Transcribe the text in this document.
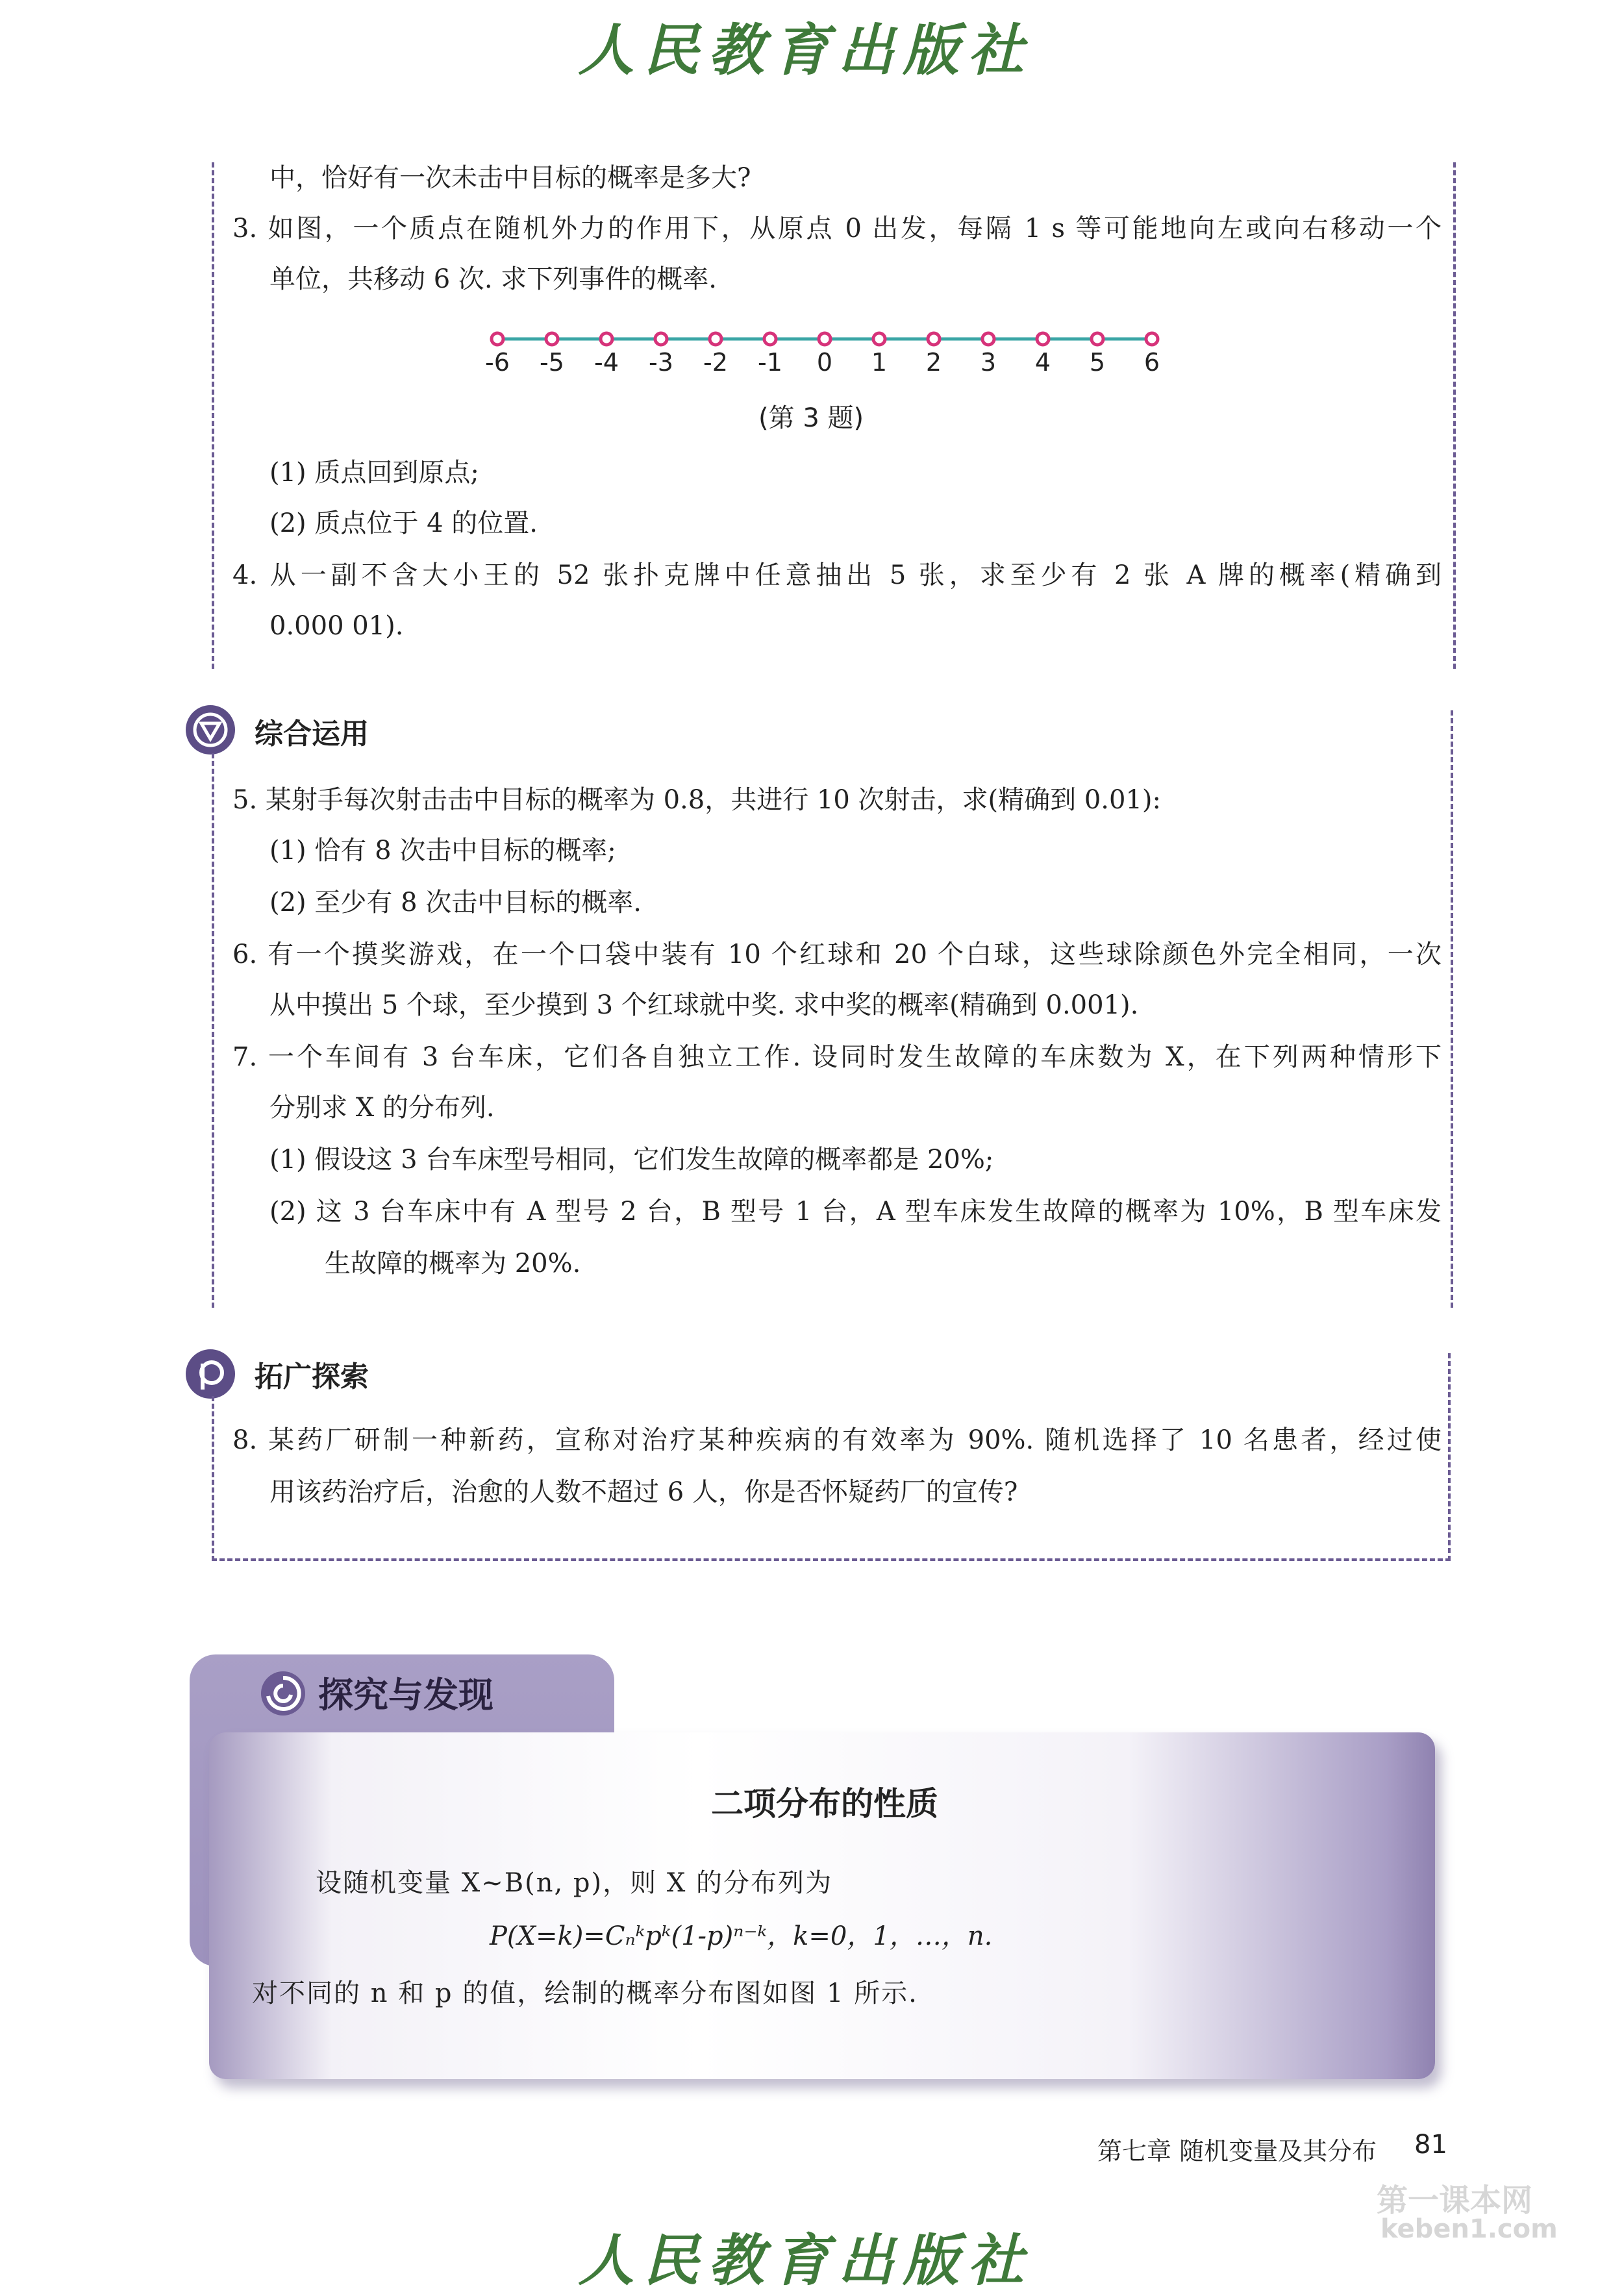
人民教育出版社
中，恰好有一次未击中目标的概率是多大?
3. 如图，一个质点在随机外力的作用下，从原点 0 出发，每隔 1 s 等可能地向左或向右移动一个
单位，共移动 6 次. 求下列事件的概率.
-6	-5	-4	-3	-2	-1	0	1	2	3	4	5	6
(第 3 题)
(1) 质点回到原点;
(2) 质点位于 4 的位置.
4. 从一副不含大小王的 52 张扑克牌中任意抽出 5 张，求至少有 2 张 A 牌的概率(精确到
0.000 01).
综合运用
5. 某射手每次射击击中目标的概率为 0.8，共进行 10 次射击，求(精确到 0.01):
(1) 恰有 8 次击中目标的概率;
(2) 至少有 8 次击中目标的概率.
6. 有一个摸奖游戏，在一个口袋中装有 10 个红球和 20 个白球，这些球除颜色外完全相同，一次
从中摸出 5 个球，至少摸到 3 个红球就中奖. 求中奖的概率(精确到 0.001).
7. 一个车间有 3 台车床，它们各自独立工作. 设同时发生故障的车床数为 X，在下列两种情形下
分别求 X 的分布列.
(1) 假设这 3 台车床型号相同，它们发生故障的概率都是 20%;
(2) 这 3 台车床中有 A 型号 2 台，B 型号 1 台，A 型车床发生故障的概率为 10%，B 型车床发
生故障的概率为 20%.
拓广探索
8. 某药厂研制一种新药，宣称对治疗某种疾病的有效率为 90%. 随机选择了 10 名患者，经过使
用该药治疗后，治愈的人数不超过 6 人，你是否怀疑药厂的宣传?
探究与发现
二项分布的性质
设随机变量 X~B(n, p)，则 X 的分布列为
P(X=k)=Cₙᵏpᵏ(1-p)ⁿ⁻ᵏ，k=0，1，…，n.
对不同的 n 和 p 的值，绘制的概率分布图如图 1 所示.
第七章 随机变量及其分布 81
第一课本网
keben1.com
人民教育出版社
